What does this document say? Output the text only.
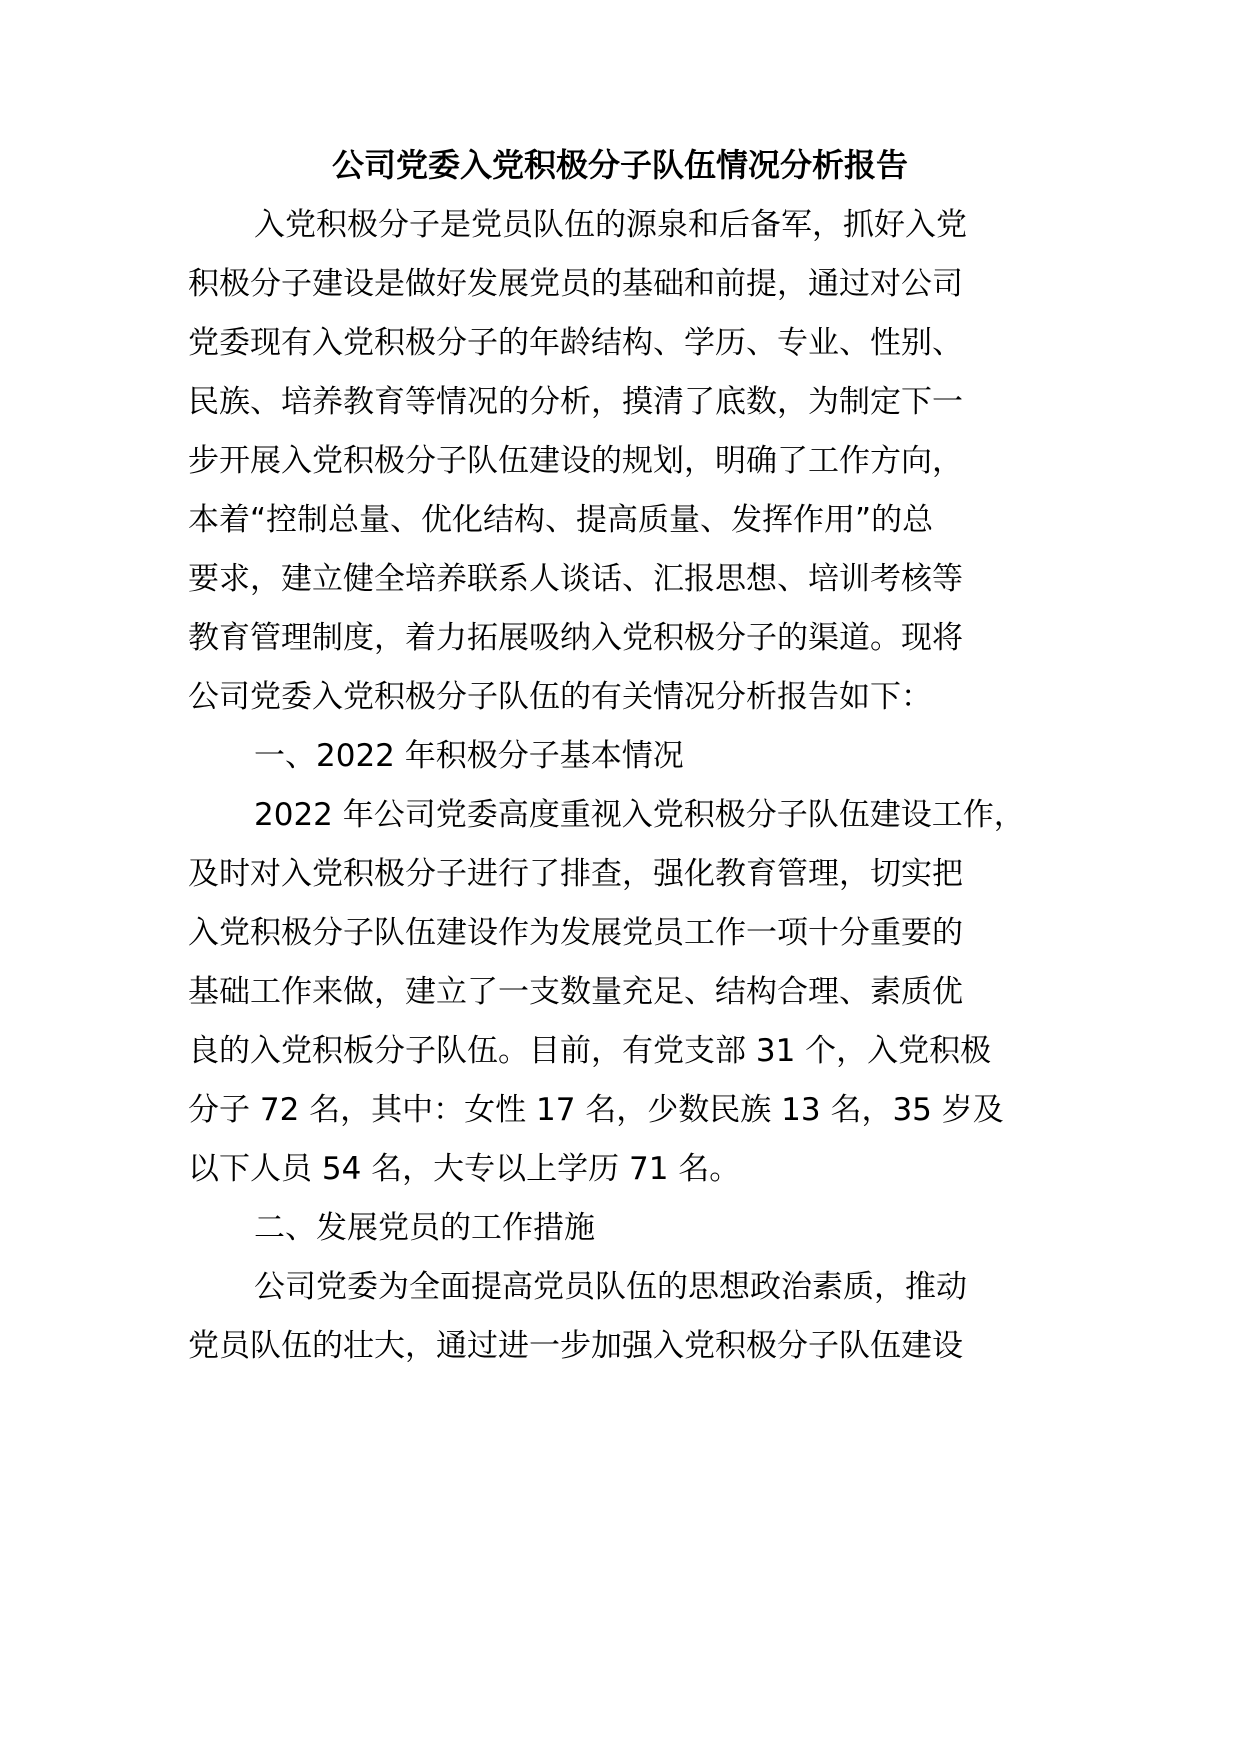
公司党委入党积极分子队伍情况分析报告
入党积极分子是党员队伍的源泉和后备军，抓好入党
积极分子建设是做好发展党员的基础和前提，通过对公司
党委现有入党积极分子的年龄结构、学历、专业、性别、
民族、培养教育等情况的分析，摸清了底数，为制定下一
步开展入党积极分子队伍建设的规划，明确了工作方向，
本着“控制总量、优化结构、提高质量、发挥作用”的总
要求，建立健全培养联系人谈话、汇报思想、培训考核等
教育管理制度，着力拓展吸纳入党积极分子的渠道。现将
公司党委入党积极分子队伍的有关情况分析报告如下：
一、2022 年积极分子基本情况
2022 年公司党委高度重视入党积极分子队伍建设工作，
及时对入党积极分子进行了排查，强化教育管理，切实把
入党积极分子队伍建设作为发展党员工作一项十分重要的
基础工作来做，建立了一支数量充足、结构合理、素质优
良的入党积板分子队伍。目前，有党支部 31 个，入党积极
分子 72 名，其中：女性 17 名，少数民族 13 名，35 岁及
以下人员 54 名，大专以上学历 71 名。
二、发展党员的工作措施
公司党委为全面提高党员队伍的思想政治素质，推动
党员队伍的壮大，通过进一步加强入党积极分子队伍建设
